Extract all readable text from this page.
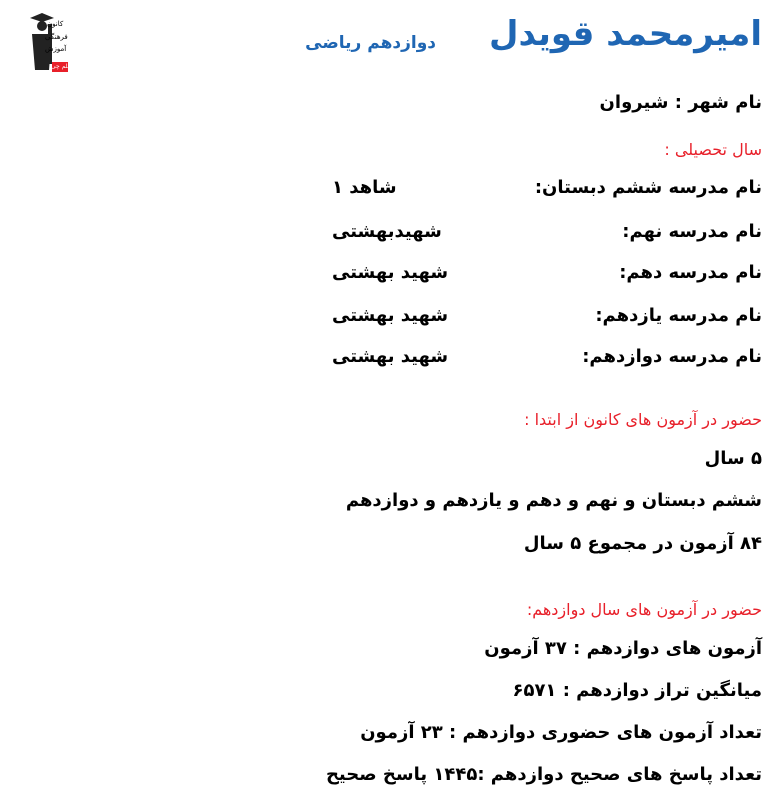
کانون
فرهنگی
آموزش
قلم چی
امیرمحمد قویدل
دوازدهم ریاضی
نام شهر : شیروان
سال تحصیلی :
نام مدرسه ششم دبستان:
شاهد ۱
نام مدرسه نهم:
شهیدبهشتی
نام مدرسه دهم:
شهید بهشتی
نام مدرسه یازدهم:
شهید بهشتی
نام مدرسه دوازدهم:
شهید بهشتی
حضور در آزمون های کانون از ابتدا :
۵ سال
ششم دبستان و نهم و دهم و یازدهم و دوازدهم
۸۴ آزمون در مجموع ۵ سال
حضور در آزمون های سال دوازدهم:
آزمون های دوازدهم : ۳۷ آزمون
میانگین تراز دوازدهم : ۶۵۷۱
تعداد آزمون های حضوری دوازدهم : ۲۳ آزمون
تعداد پاسخ های صحیح دوازدهم :۱۴۴۵ پاسخ صحیح
